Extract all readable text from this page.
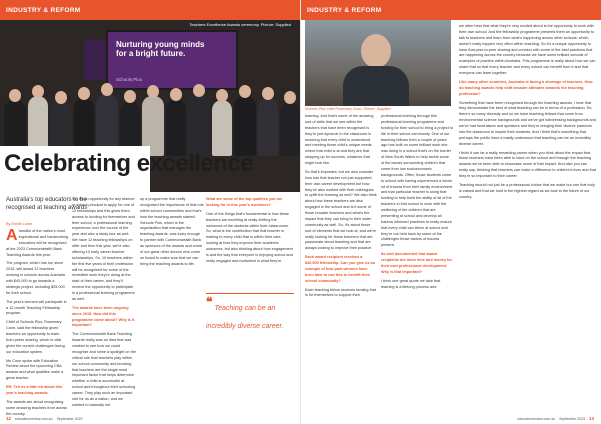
INDUSTRY & REFORM
Nurturing young minds
for a bright future.
Schools Plus
Teachers Excellence Awards ceremony. Picture: Supplied
Celebrating excellence
Australia's top educators to be recognised at teaching awards
By Emilie Lowe

A handful of the nation's most inspirational and hardworking educators will be recognised at the 2023 Commonwealth Bank Teaching Awards this year.

The program, which has run since 2015, will award 12 teachers working in schools across Australia with $40,000 to go towards a strategic project, including $25,000 for their school.

The year's winners will participate in a 12-month Teaching Fellowship program.

Chief of Schools Plus, Rosemary Conn, said the fellowship gives teachers an opportunity to learn from peers sharing, which is vital given the current challenges facing our education system.

Ms Conn spoke with Education Review about the upcoming CBA awards and what qualities make a great teacher.

ER: Tell us a little bit about this year's teaching awards.

The awards are about recognising some amazing teachers from across the country.

So, it's an opportunity for any teacher or school principal to apply for one of 12 fellowships and this gives them access to funding for themselves and their school, a professional learning experience over the course of the year and also a study tour as well. We have 12 teaching fellowships on offer and then this year, we're also offering 10 early career teacher scholarships. So, 10 teachers within the first five years of their profession will be recognised for some of the incredible work they're doing at the start of their career, and they'll receive the opportunity to participate in a professional learning programme as well.

The awards have been ongoing since 2015. How did this programme come about? Why is it important?

The Commonwealth Bank Teaching Awards really was an idea that was created to see how we could recognise and shine a spotlight on the critical role that teachers play within our school community and knowing that teachers are the single most important factor that helps determine whether a child is successful at school and throughout their schooling career. They play such an important role for us as a nation, and we wanted to basically set

up a programme that really recognised the importance of that role within school communities and that's how the teaching awards started. Schools Plus, which is the organisation that manages the teaching awards, was lucky enough to partner with Commonwealth Bank as sponsors of the awards and some of our great other donors who come on board to make sure that we can bring the teaching awards to life.

❝ Teaching can be an incredibly diverse career.

What are some of the top qualities you are looking for in this year's nominees?

One of the things that's fundamental is how these teachers are excelling at really shifting the outcomes of the students within their classrooms. So, what is the contribution that that teacher is making to every child that is within their care, looking at how they improve their academic outcomes, but also thinking about how engagement is and the way that everyone is enjoying school and really engaged and motivated in what they're

12 educationreview.com.au September 2023
INDUSTRY & REFORM
Schools Plus chief Rosemary Conn. Picture: Supplied

learning. And that's some of the amazing sort of skills that we see within the teachers that have been recognised is they're just dynamic in the classroom in ensuring that every child is understood and meeting those child's unique needs where that child is at and they are that stepping up for success, whatever that might look like.

So that's important, but we also consider how has that teacher not just supported their own career development but how they've also worked with their colleagues to uplift the learning as well? We also think about how these teachers are also engaged in the school and is it some of those broader teachers and what's the impact that they can bring to their wider community as well. So, it's about those sort of elements that we look at, and we're really looking for those teachers that are passionate about teaching and that are always looking to improve their practice.

Each award recipient receives a $40,000 fellowship. Can you give us an example of how past winners have been able to use this to benefit their school community?

Each teaching fellow receives funding that is for themselves to support their

professional learning through this professional learning programme and funding for their school to bring a project to life in their school community. One of our teaching fellows from a couple of years ago has built on some brilliant work she was doing in a school that's on the border of New South Wales to help tackle some of the issues surrounding children that come from low socioeconomic backgrounds. Often, those students come to school with having experienced a whole lot of trauma from their family environment and that particular teacher is using that funding to help build the ability of all of the teachers in that school to work with the wellbeing of the children that are presenting at school and develop all trauma informed practices to really ensure that every child can thrive at school and they're not held back by some of the challenges those factors of trauma present.

Its well documented that award recipients are more time and money for their own professional development. Why is that important?

I think one great quote we take that learning is a lifelong process and

we often hear that what they're very excited about is the opportunity to work with their own school. And the fellowship programme presents them an opportunity to talk to teachers and learn from what's happening across other schools, which doesn't really happen very often within teaching. So it's a unique opportunity to have that peer-to-peer sharing and connect with some of the best practices that are happening across the country because we have some brilliant schools of examples of practice within Australia. This programme is really about how we can share that so that every teacher and every school can benefit from it and that everyone can learn together.

Like many other countries, Australia is facing a shortage of teachers. How do teaching awards help shift broader attitudes towards the teaching profession?

Something that have been recognised through the teaching awards, I hear that they demonstrate the best of what teaching can be in terms of a profession. So, there's so many diversity and so we have teaching fellows that come from environmental science backgrounds and we've got hairdressing backgrounds and we've had fundraisers and speakers and they're bringing their diverse passions into the classroom to inspire their students. And I think that's something that perhaps the public have a totally understood that teaching can be an incredibly diverse career.

I think it can be a really rewarding career when you think about the impact that those teachers have been able to have on the school and through the teaching awards we've been able to showcase some of that impact. And also you can really say, thinking that teachers can make a difference to children's lives and that they're so important to their career.

Teaching should not just be a professional choice that we make but one that truly is valued and that we hold in the highest regard as we look to the future of our country.

educationreview.com.au September 2023 13
